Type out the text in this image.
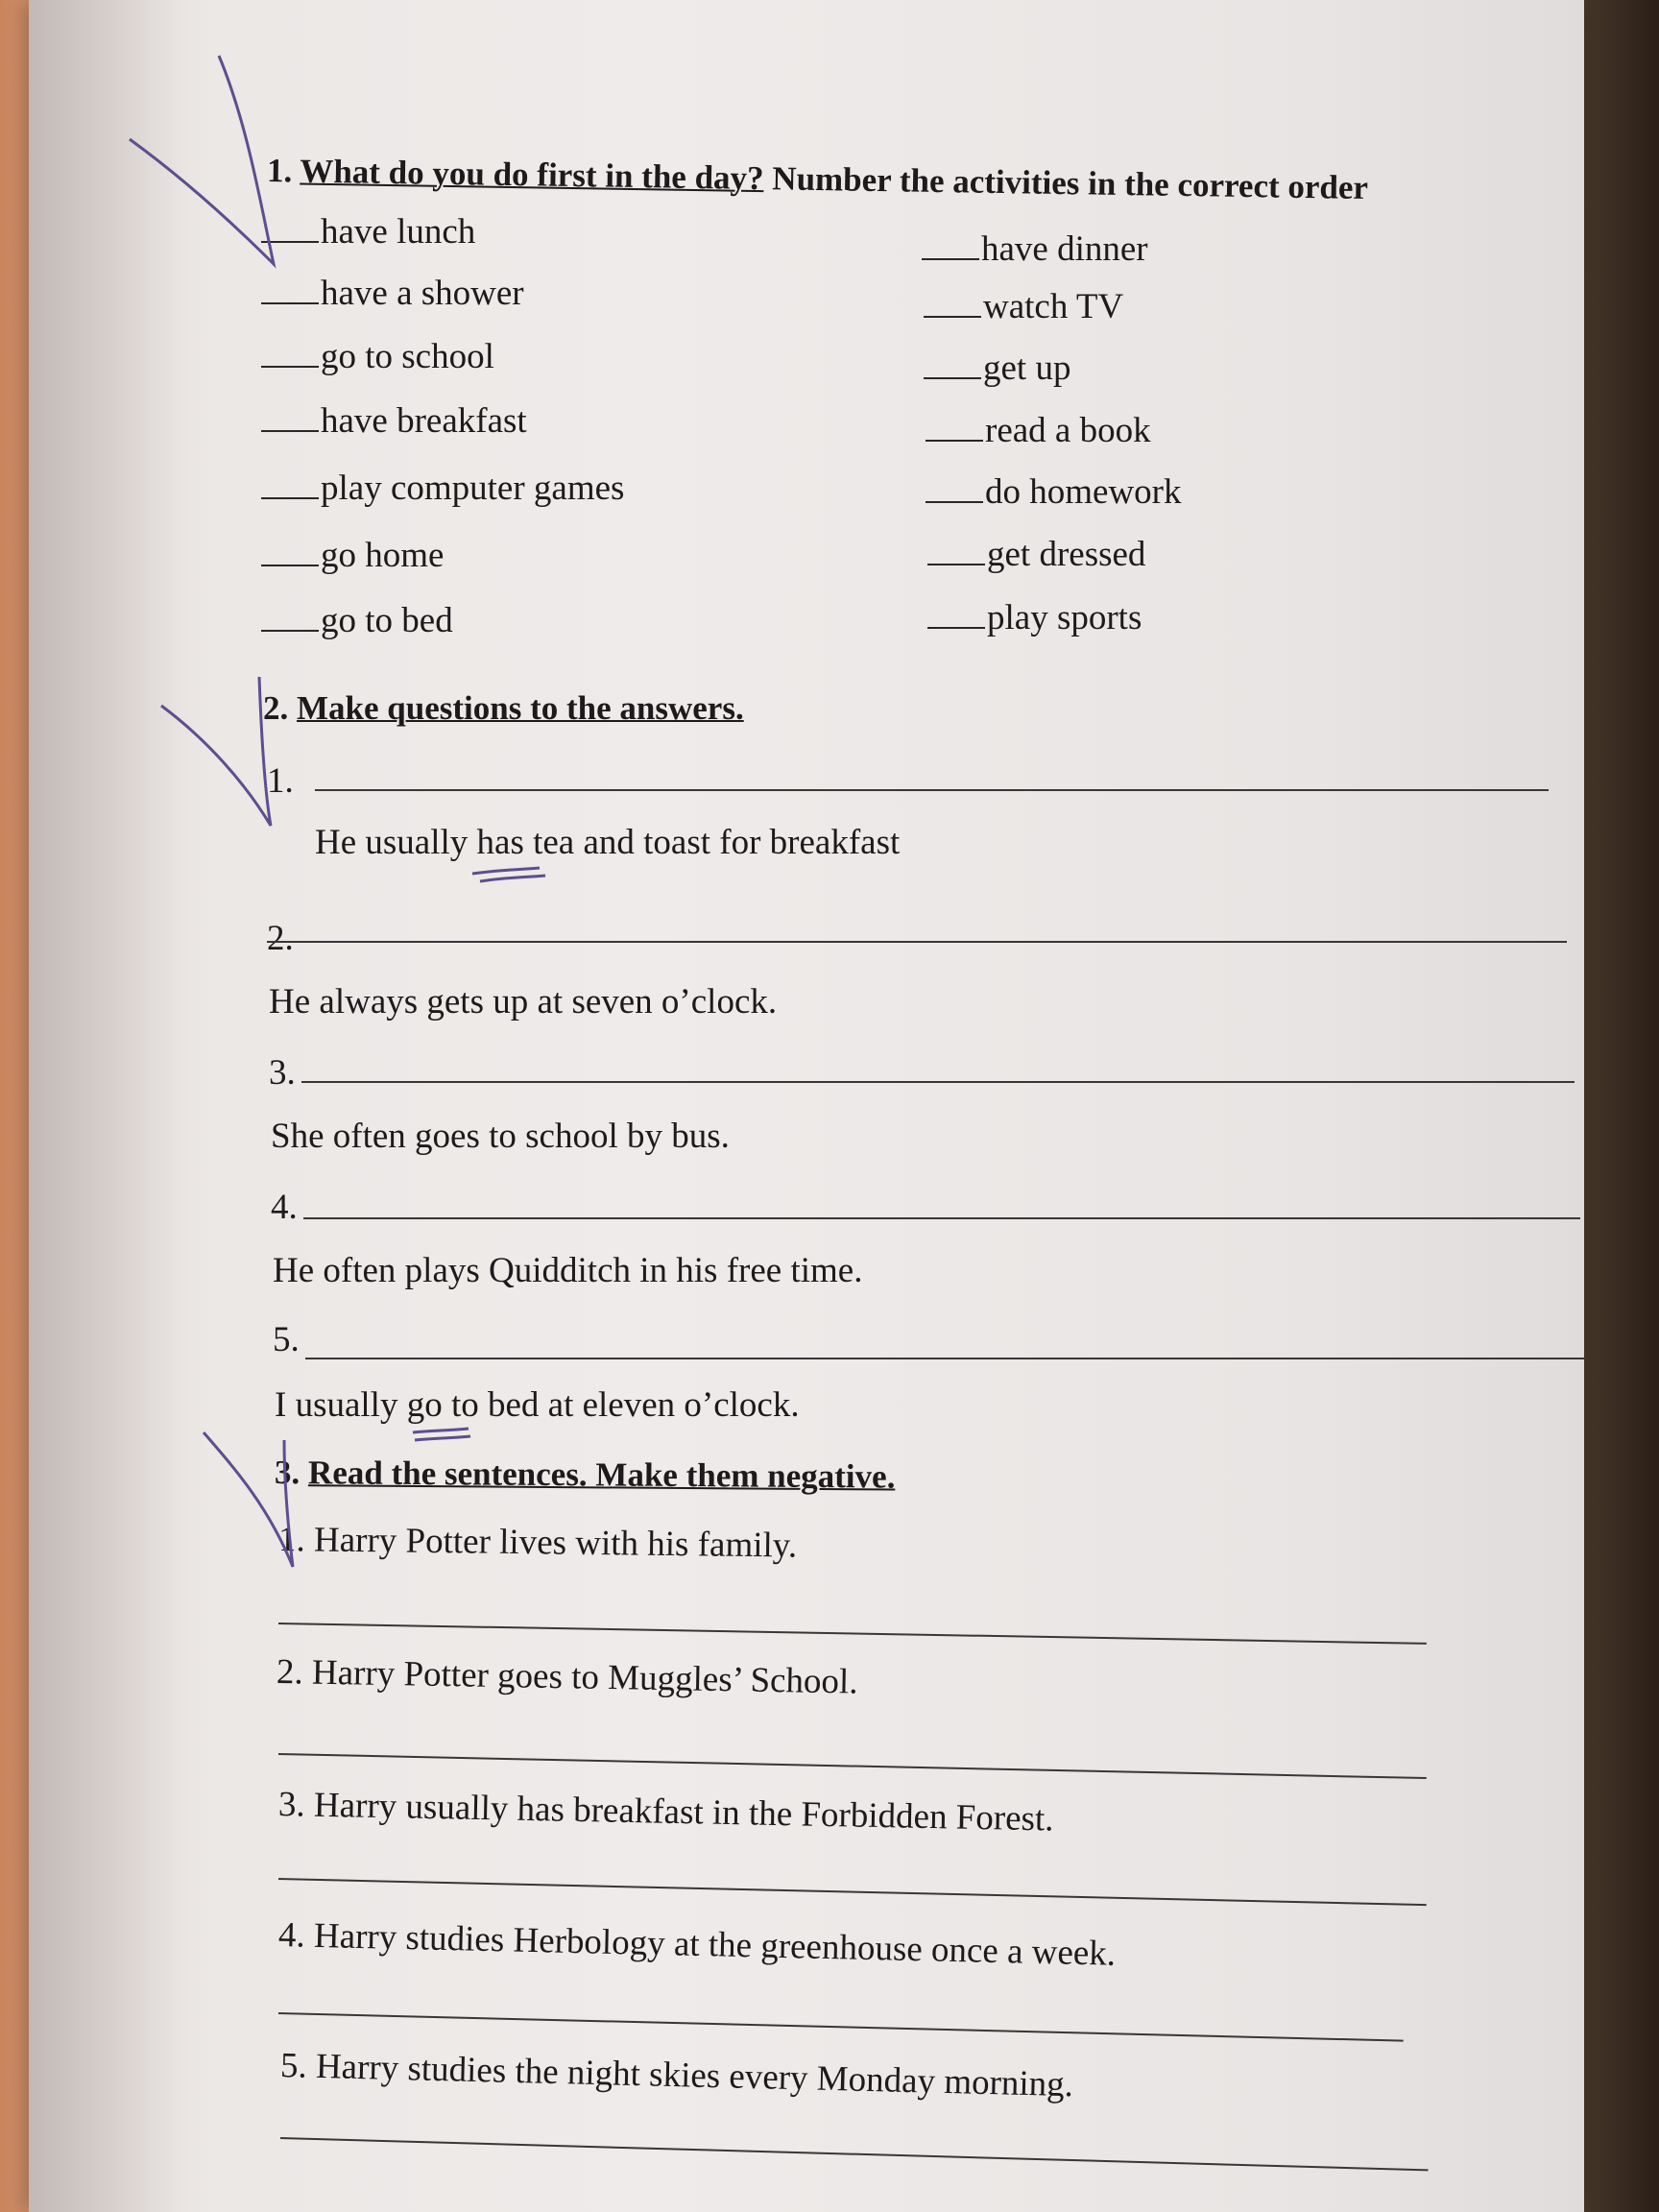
1. What do you do first in the day? Number the activities in the correct order
have lunch
have a shower
go to school
have breakfast
play computer games
go home
go to bed
have dinner
watch TV
get up
read a book
do homework
get dressed
play sports
2. Make questions to the answers.
1.
He usually has tea and toast for breakfast
2.
He always gets up at seven o’clock.
3.
She often goes to school by bus.
4.
He often plays Quidditch in his free time.
5.
I usually go to bed at eleven o’clock.
3. Read the sentences. Make them negative.
1. Harry Potter lives with his family.
2. Harry Potter goes to Muggles’ School.
3. Harry usually has breakfast in the Forbidden Forest.
4. Harry studies Herbology at the greenhouse once a week.
5. Harry studies the night skies every Monday morning.
